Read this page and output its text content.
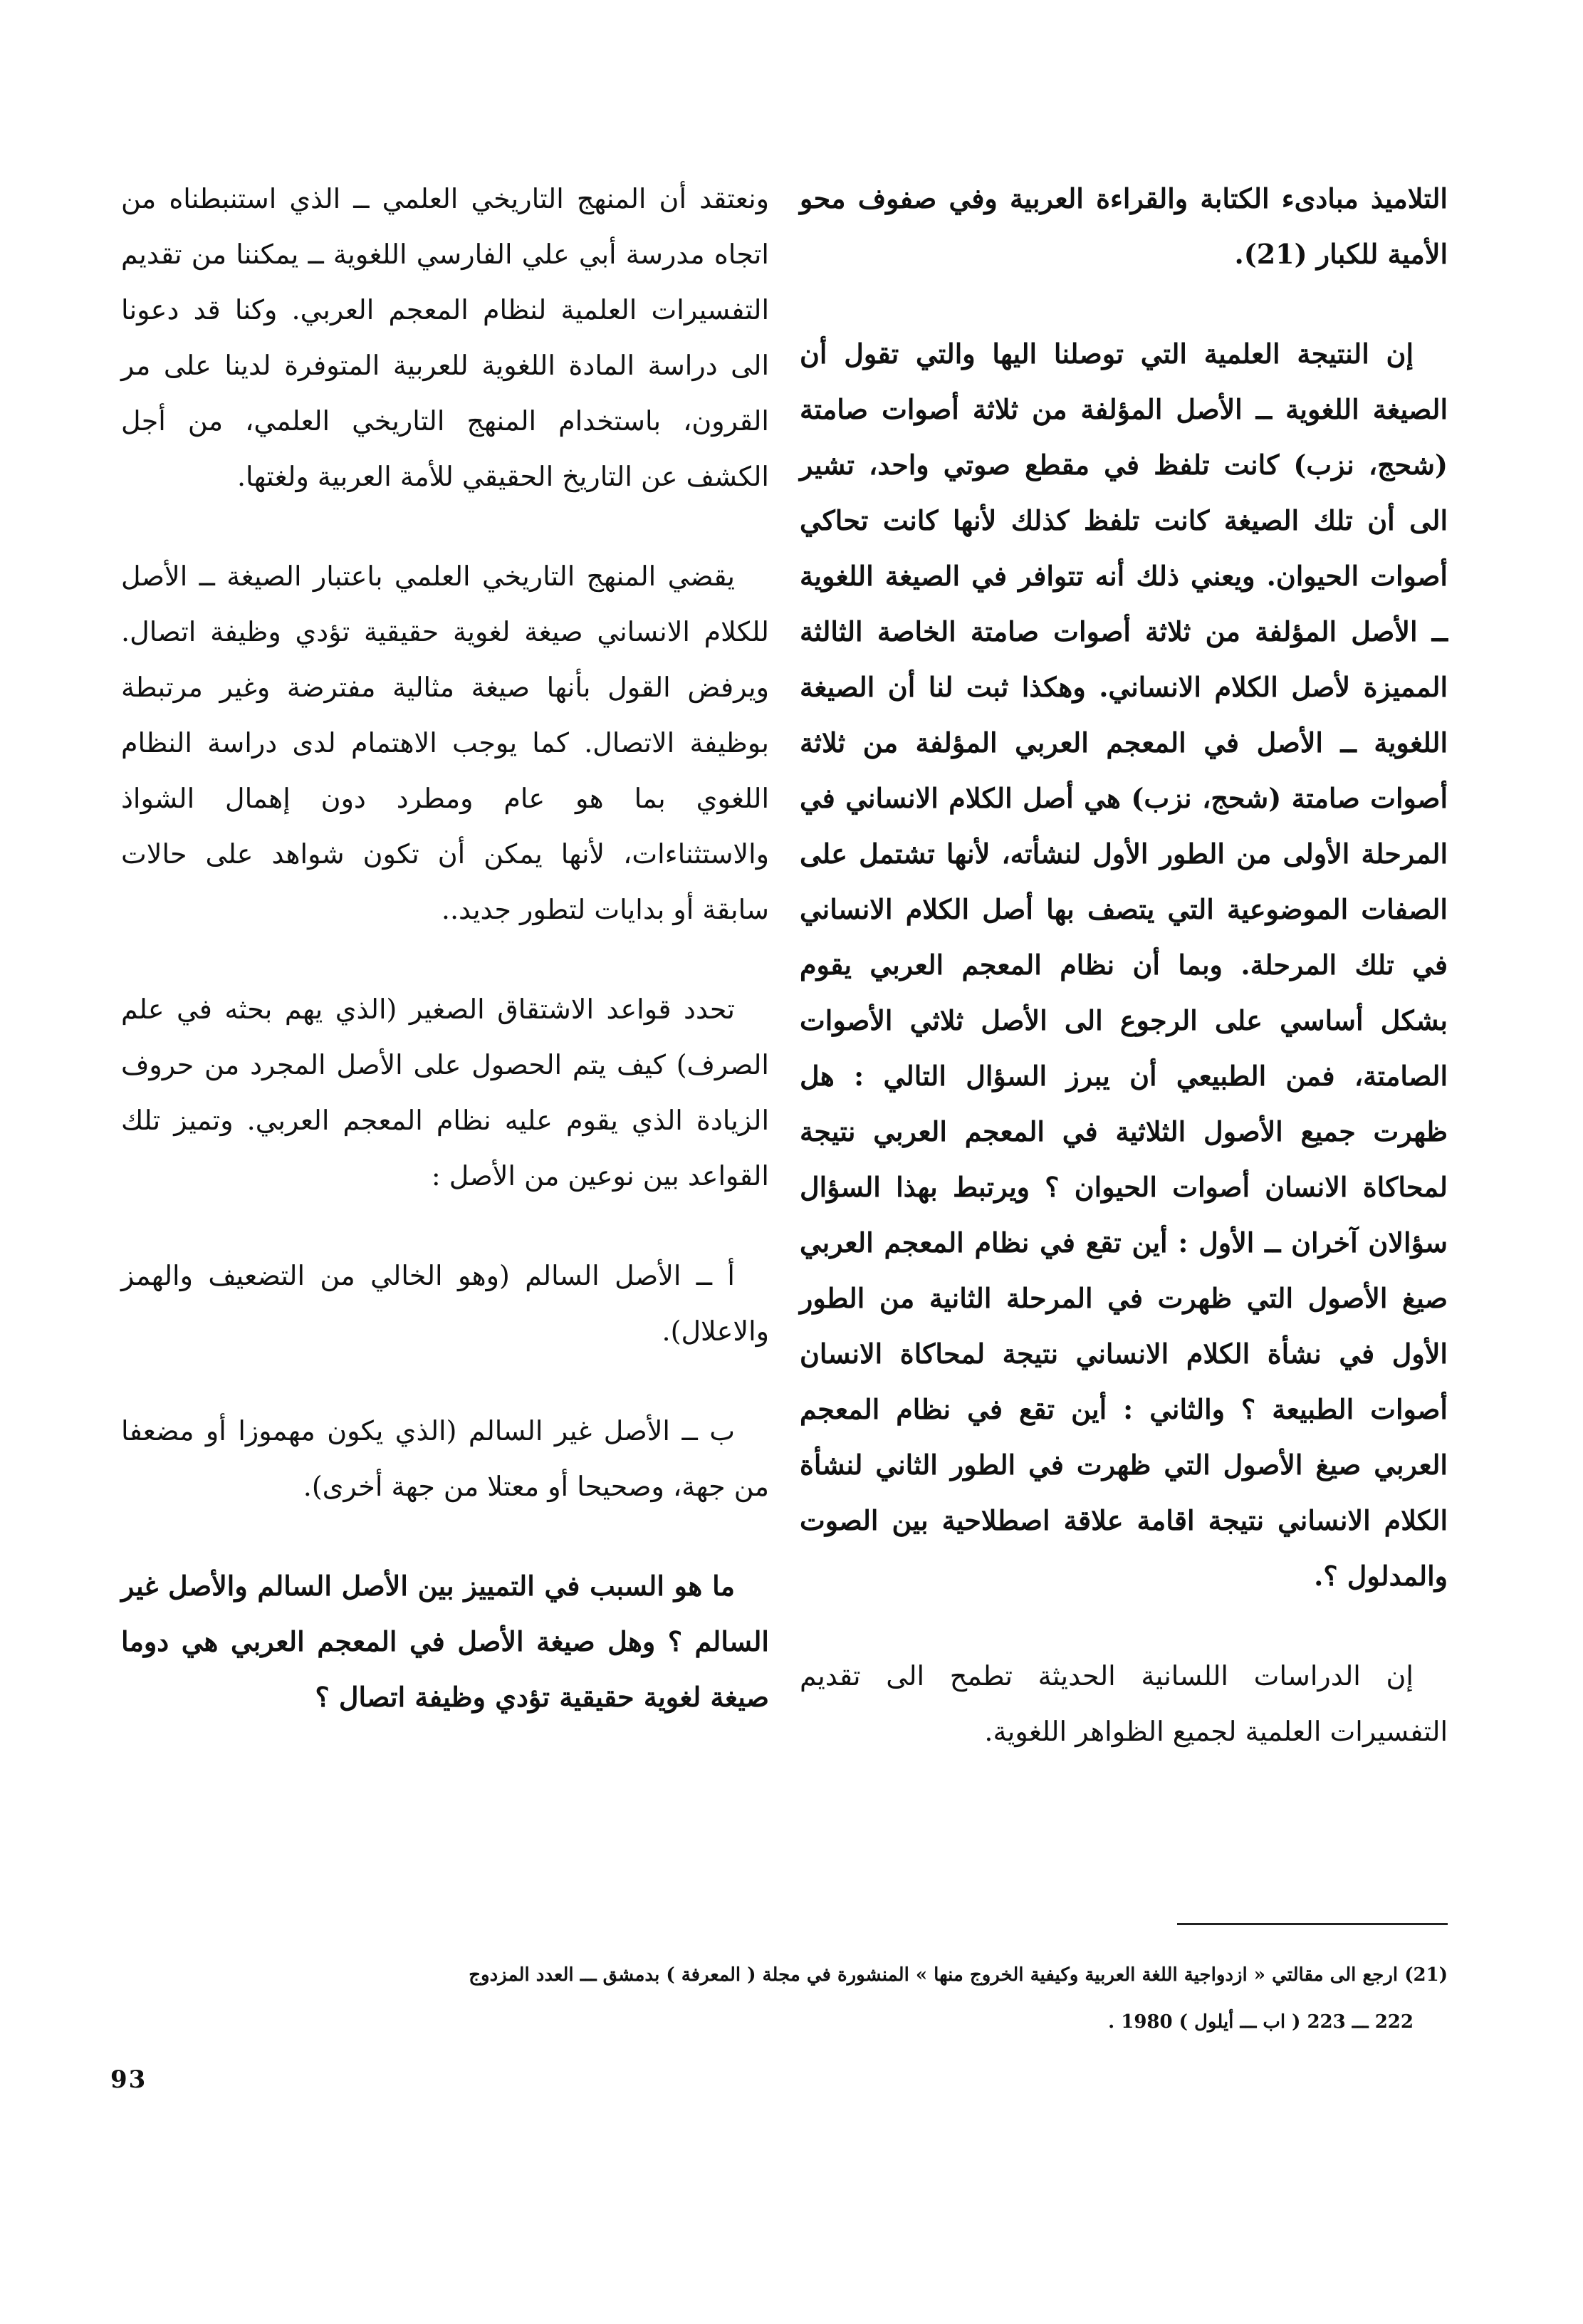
التلاميذ مبادىء الكتابة والقراءة العربية وفي صفوف محو الأمية للكبار (21).

إن النتيجة العلمية التي توصلنا اليها والتي تقول أن الصيغة اللغوية ــ الأصل المؤلفة من ثلاثة أصوات صامتة (شحج، نزب) كانت تلفظ في مقطع صوتي واحد، تشير الى أن تلك الصيغة كانت تلفظ كذلك لأنها كانت تحاكي أصوات الحيوان. ويعني ذلك أنه تتوافر في الصيغة اللغوية ــ الأصل المؤلفة من ثلاثة أصوات صامتة الخاصة الثالثة المميزة لأصل الكلام الانساني. وهكذا ثبت لنا أن الصيغة اللغوية ــ الأصل في المعجم العربي المؤلفة من ثلاثة أصوات صامتة (شحج، نزب) هي أصل الكلام الانساني في المرحلة الأولى من الطور الأول لنشأته، لأنها تشتمل على الصفات الموضوعية التي يتصف بها أصل الكلام الانساني في تلك المرحلة. وبما أن نظام المعجم العربي يقوم بشكل أساسي على الرجوع الى الأصل ثلاثي الأصوات الصامتة، فمن الطبيعي أن يبرز السؤال التالي : هل ظهرت جميع الأصول الثلاثية في المعجم العربي نتيجة لمحاكاة الانسان أصوات الحيوان ؟ ويرتبط بهذا السؤال سؤالان آخران ــ الأول : أين تقع في نظام المعجم العربي صيغ الأصول التي ظهرت في المرحلة الثانية من الطور الأول في نشأة الكلام الانساني نتيجة لمحاكاة الانسان أصوات الطبيعة ؟ والثاني : أين تقع في نظام المعجم العربي صيغ الأصول التي ظهرت في الطور الثاني لنشأة الكلام الانساني نتيجة اقامة علاقة اصطلاحية بين الصوت والمدلول ؟.

إن الدراسات اللسانية الحديثة تطمح الى تقديم التفسيرات العلمية لجميع الظواهر اللغوية.

ونعتقد أن المنهج التاريخي العلمي ــ الذي استنبطناه من اتجاه مدرسة أبي علي الفارسي اللغوية ــ يمكننا من تقديم التفسيرات العلمية لنظام المعجم العربي. وكنا قد دعونا الى دراسة المادة اللغوية للعربية المتوفرة لدينا على مر القرون، باستخدام المنهج التاريخي العلمي، من أجل الكشف عن التاريخ الحقيقي للأمة العربية ولغتها.

يقضي المنهج التاريخي العلمي باعتبار الصيغة ــ الأصل للكلام الانساني صيغة لغوية حقيقية تؤدي وظيفة اتصال. ويرفض القول بأنها صيغة مثالية مفترضة وغير مرتبطة بوظيفة الاتصال. كما يوجب الاهتمام لدى دراسة النظام اللغوي بما هو عام ومطرد دون إهمال الشواذ والاستثناءات، لأنها يمكن أن تكون شواهد على حالات سابقة أو بدايات لتطور جديد..

تحدد قواعد الاشتقاق الصغير (الذي يهم بحثه في علم الصرف) كيف يتم الحصول على الأصل المجرد من حروف الزيادة الذي يقوم عليه نظام المعجم العربي. وتميز تلك القواعد بين نوعين من الأصل :

أ ــ الأصل السالم (وهو الخالي من التضعيف والهمز والاعلال).

ب ــ الأصل غير السالم (الذي يكون مهموزا أو مضعفا من جهة، وصحيحا أو معتلا من جهة أخرى).

ما هو السبب في التمييز بين الأصل السالم والأصل غير السالم ؟ وهل صيغة الأصل في المعجم العربي هي دوما صيغة لغوية حقيقية تؤدي وظيفة اتصال ؟

(21) ارجع الى مقالتي « ازدواجية اللغة العربية وكيفية الخروج منها » المنشورة في مجلة ( المعرفة ) بدمشق ـــ العدد المزدوج
222 ـــ 223 ( اب ـــ أيلول ) 1980 .
93
